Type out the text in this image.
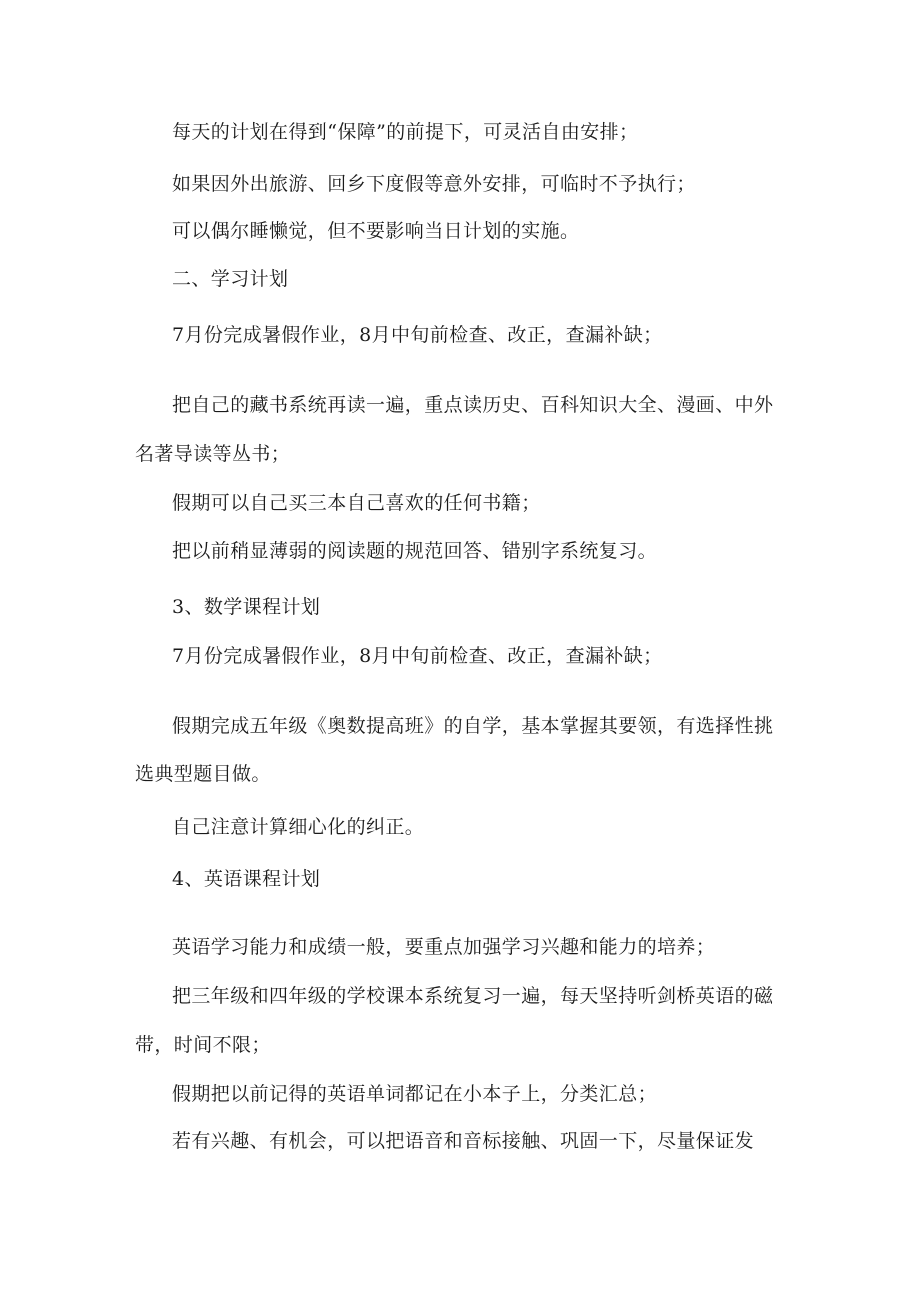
每天的计划在得到“保障”的前提下，可灵活自由安排；
如果因外出旅游、回乡下度假等意外安排，可临时不予执行；
可以偶尔睡懒觉，但不要影响当日计划的实施。
二、学习计划
7月份完成暑假作业，8月中旬前检查、改正，查漏补缺；
把自己的藏书系统再读一遍，重点读历史、百科知识大全、漫画、中外
名著导读等丛书；
假期可以自己买三本自己喜欢的任何书籍；
把以前稍显薄弱的阅读题的规范回答、错别字系统复习。
3、数学课程计划
7月份完成暑假作业，8月中旬前检查、改正，查漏补缺；
假期完成五年级《奥数提高班》的自学，基本掌握其要领，有选择性挑
选典型题目做。
自己注意计算细心化的纠正。
4、英语课程计划
英语学习能力和成绩一般，要重点加强学习兴趣和能力的培养；
把三年级和四年级的学校课本系统复习一遍，每天坚持听剑桥英语的磁
带，时间不限；
假期把以前记得的英语单词都记在小本子上，分类汇总；
若有兴趣、有机会，可以把语音和音标接触、巩固一下，尽量保证发
